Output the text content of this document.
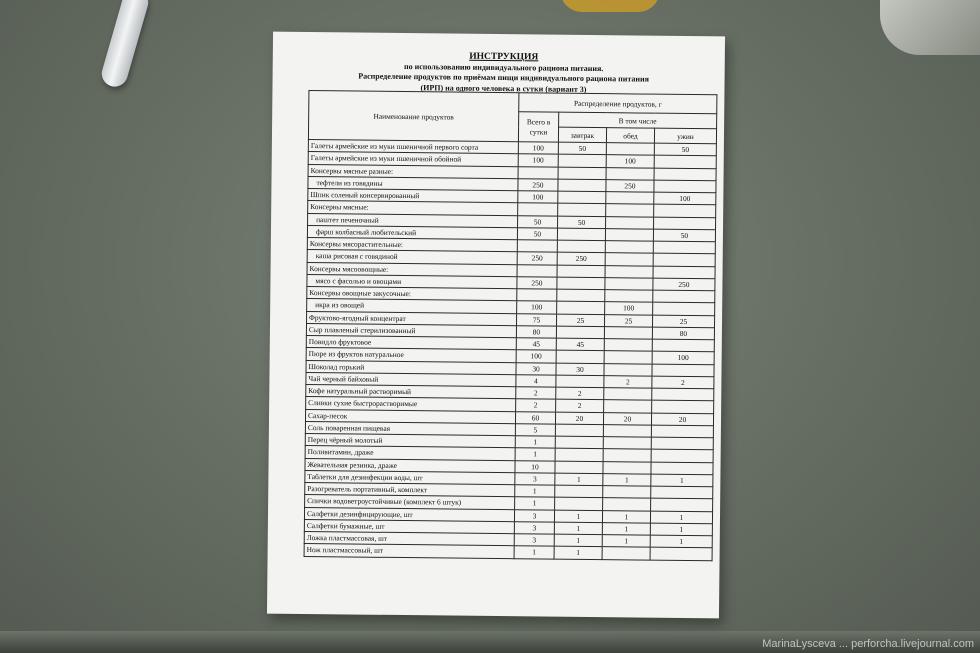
ИНСТРУКЦИЯ
по использованию индивидуального рациона питания.
Распределение продуктов по приёмам пищи индивидуального рациона питания
(ИРП) на одного человека в сутки (вариант 3)
Наименование продуктов	Распределение продуктов, г			
	Всего в сутки	В том числе		
		завтрак	обед	ужин
Галеты армейские из муки пшеничной первого сорта	100	50		50
Галеты армейские из муки пшеничной обойной	100		100	
Консервы мясные разные:				
тефтели из говядины	250		250	
Шпик соленый консервированный	100			100
Консервы мясные:				
паштет печеночный	50	50		
фарш колбасный любительский	50			50
Консервы мясорастительные:				
каша рисовая с говядиной	250	250		
Консервы мясоовощные:				
мясо с фасолью и овощами	250			250
Консервы овощные закусочные:				
икра из овощей	100		100	
Фруктово-ягодный концентрат	75	25	25	25
Сыр плавленый стерилизованный	80			80
Повидло фруктовое	45	45		
Пюре из фруктов натуральное	100			100
Шоколад горький	30	30		
Чай черный байховый	4		2	2
Кофе натуральный растворимый	2	2		
Сливки сухие быстрорастворимые	2	2		
Сахар-песок	60	20	20	20
Соль поваренная пищевая	5			
Перец чёрный молотый	1			
Поливитамин, драже	1			
Жевательная резинка, драже	10			
Таблетки для дезинфекции воды, шт	3	1	1	1
Разогреватель портативный, комплект	1			
Спички водоветроустойчивые (комплект 6 штук)	1			
Салфетки дезинфицирующие, шт	3	1	1	1
Салфетки бумажные, шт	3	1	1	1
Ложка пластмассовая, шт	3	1	1	1
Нож пластмассовый, шт	1	1		
MarinaLysceva ... perforcha.livejournal.com
